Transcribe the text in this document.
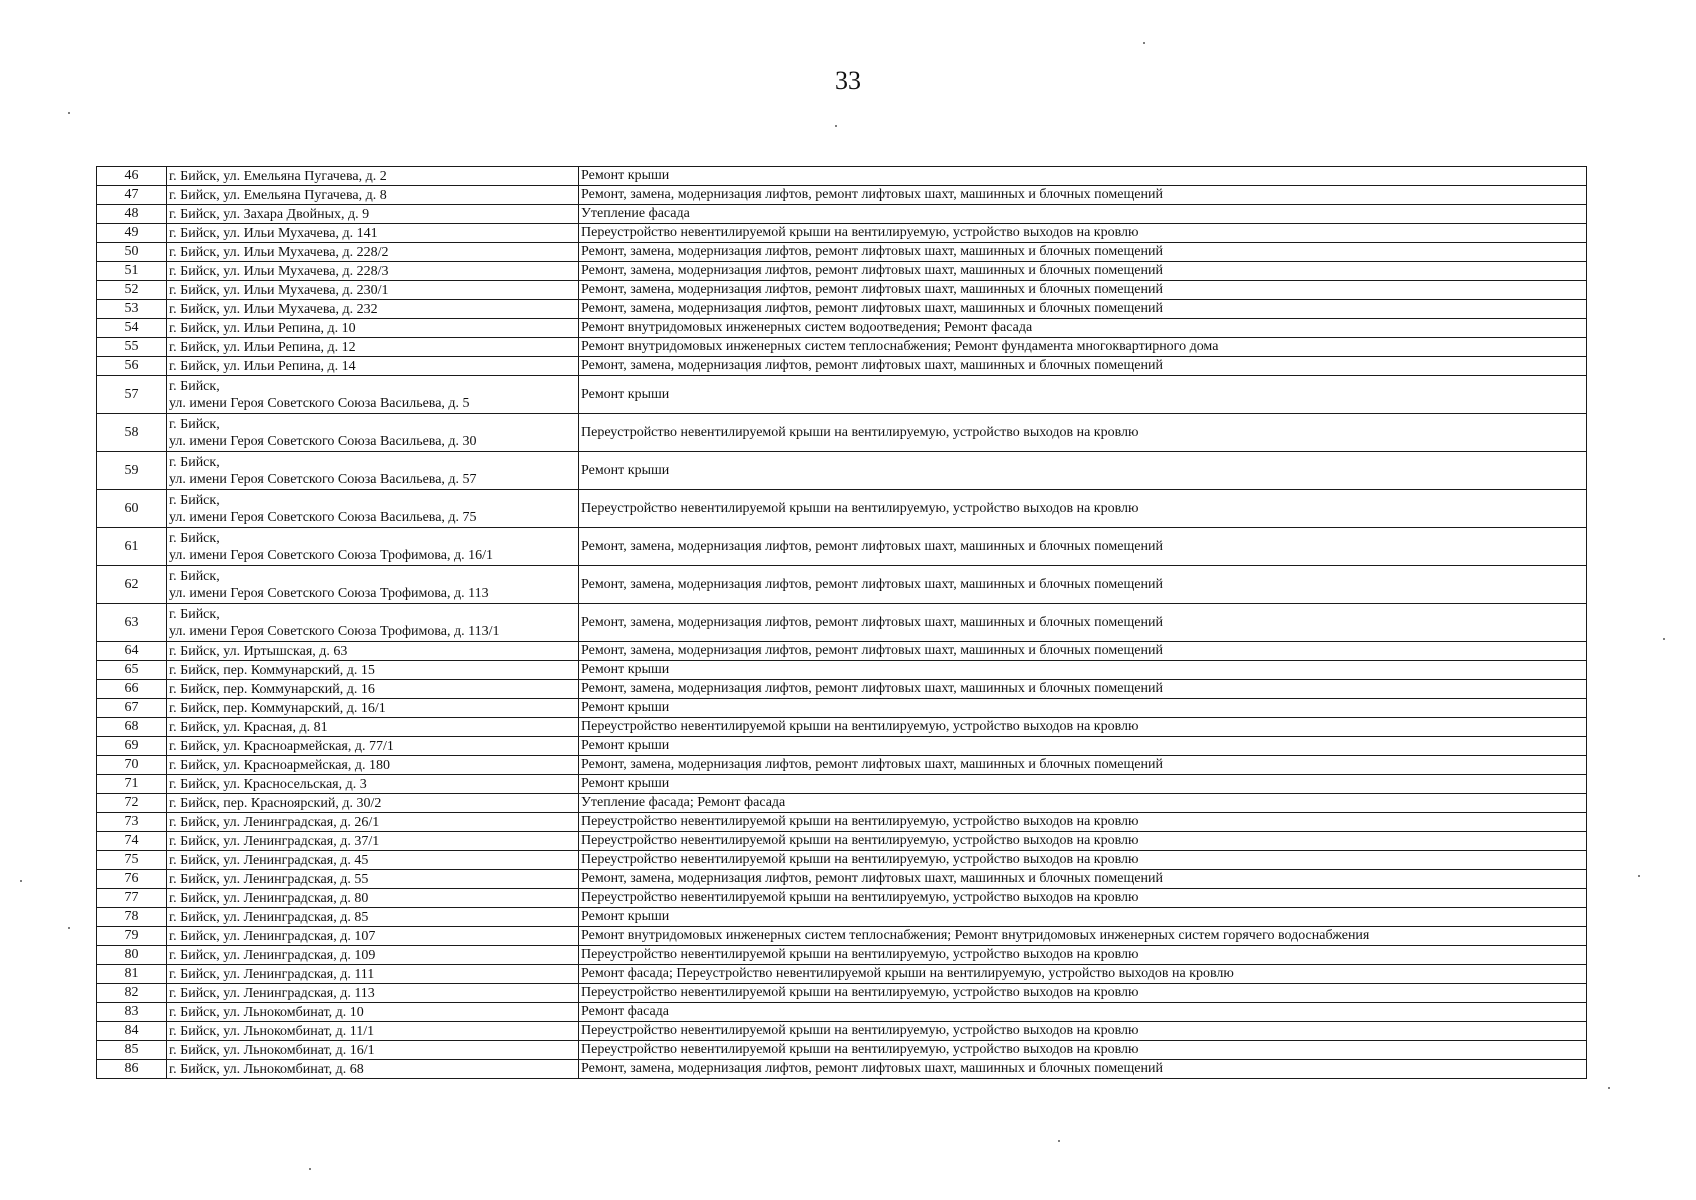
33
46	г. Бийск, ул. Емельяна Пугачева, д. 2	Ремонт крыши
47	г. Бийск, ул. Емельяна Пугачева, д. 8	Ремонт, замена, модернизация лифтов, ремонт лифтовых шахт, машинных и блочных помещений
48	г. Бийск, ул. Захара Двойных, д. 9	Утепление фасада
49	г. Бийск, ул. Ильи Мухачева, д. 141	Переустройство невентилируемой крыши на вентилируемую, устройство выходов на кровлю
50	г. Бийск, ул. Ильи Мухачева, д. 228/2	Ремонт, замена, модернизация лифтов, ремонт лифтовых шахт, машинных и блочных помещений
51	г. Бийск, ул. Ильи Мухачева, д. 228/3	Ремонт, замена, модернизация лифтов, ремонт лифтовых шахт, машинных и блочных помещений
52	г. Бийск, ул. Ильи Мухачева, д. 230/1	Ремонт, замена, модернизация лифтов, ремонт лифтовых шахт, машинных и блочных помещений
53	г. Бийск, ул. Ильи Мухачева, д. 232	Ремонт, замена, модернизация лифтов, ремонт лифтовых шахт, машинных и блочных помещений
54	г. Бийск, ул. Ильи Репина, д. 10	Ремонт внутридомовых инженерных систем водоотведения; Ремонт фасада
55	г. Бийск, ул. Ильи Репина, д. 12	Ремонт внутридомовых инженерных систем теплоснабжения; Ремонт фундамента многоквартирного дома
56	г. Бийск, ул. Ильи Репина, д. 14	Ремонт, замена, модернизация лифтов, ремонт лифтовых шахт, машинных и блочных помещений
57	г. Бийск,
ул. имени Героя Советского Союза Васильева, д. 5	Ремонт крыши
58	г. Бийск,
ул. имени Героя Советского Союза Васильева, д. 30	Переустройство невентилируемой крыши на вентилируемую, устройство выходов на кровлю
59	г. Бийск,
ул. имени Героя Советского Союза Васильева, д. 57	Ремонт крыши
60	г. Бийск,
ул. имени Героя Советского Союза Васильева, д. 75	Переустройство невентилируемой крыши на вентилируемую, устройство выходов на кровлю
61	г. Бийск,
ул. имени Героя Советского Союза Трофимова, д. 16/1	Ремонт, замена, модернизация лифтов, ремонт лифтовых шахт, машинных и блочных помещений
62	г. Бийск,
ул. имени Героя Советского Союза Трофимова, д. 113	Ремонт, замена, модернизация лифтов, ремонт лифтовых шахт, машинных и блочных помещений
63	г. Бийск,
ул. имени Героя Советского Союза Трофимова, д. 113/1	Ремонт, замена, модернизация лифтов, ремонт лифтовых шахт, машинных и блочных помещений
64	г. Бийск, ул. Иртышская, д. 63	Ремонт, замена, модернизация лифтов, ремонт лифтовых шахт, машинных и блочных помещений
65	г. Бийск, пер. Коммунарский, д. 15	Ремонт крыши
66	г. Бийск, пер. Коммунарский, д. 16	Ремонт, замена, модернизация лифтов, ремонт лифтовых шахт, машинных и блочных помещений
67	г. Бийск, пер. Коммунарский, д. 16/1	Ремонт крыши
68	г. Бийск, ул. Красная, д. 81	Переустройство невентилируемой крыши на вентилируемую, устройство выходов на кровлю
69	г. Бийск, ул. Красноармейская, д. 77/1	Ремонт крыши
70	г. Бийск, ул. Красноармейская, д. 180	Ремонт, замена, модернизация лифтов, ремонт лифтовых шахт, машинных и блочных помещений
71	г. Бийск, ул. Красносельская, д. 3	Ремонт крыши
72	г. Бийск, пер. Красноярский, д. 30/2	Утепление фасада; Ремонт фасада
73	г. Бийск, ул. Ленинградская, д. 26/1	Переустройство невентилируемой крыши на вентилируемую, устройство выходов на кровлю
74	г. Бийск, ул. Ленинградская, д. 37/1	Переустройство невентилируемой крыши на вентилируемую, устройство выходов на кровлю
75	г. Бийск, ул. Ленинградская, д. 45	Переустройство невентилируемой крыши на вентилируемую, устройство выходов на кровлю
76	г. Бийск, ул. Ленинградская, д. 55	Ремонт, замена, модернизация лифтов, ремонт лифтовых шахт, машинных и блочных помещений
77	г. Бийск, ул. Ленинградская, д. 80	Переустройство невентилируемой крыши на вентилируемую, устройство выходов на кровлю
78	г. Бийск, ул. Ленинградская, д. 85	Ремонт крыши
79	г. Бийск, ул. Ленинградская, д. 107	Ремонт внутридомовых инженерных систем теплоснабжения; Ремонт внутридомовых инженерных систем горячего водоснабжения
80	г. Бийск, ул. Ленинградская, д. 109	Переустройство невентилируемой крыши на вентилируемую, устройство выходов на кровлю
81	г. Бийск, ул. Ленинградская, д. 111	Ремонт фасада; Переустройство невентилируемой крыши на вентилируемую, устройство выходов на кровлю
82	г. Бийск, ул. Ленинградская, д. 113	Переустройство невентилируемой крыши на вентилируемую, устройство выходов на кровлю
83	г. Бийск, ул. Льнокомбинат, д. 10	Ремонт фасада
84	г. Бийск, ул. Льнокомбинат, д. 11/1	Переустройство невентилируемой крыши на вентилируемую, устройство выходов на кровлю
85	г. Бийск, ул. Льнокомбинат, д. 16/1	Переустройство невентилируемой крыши на вентилируемую, устройство выходов на кровлю
86	г. Бийск, ул. Льнокомбинат, д. 68	Ремонт, замена, модернизация лифтов, ремонт лифтовых шахт, машинных и блочных помещений
